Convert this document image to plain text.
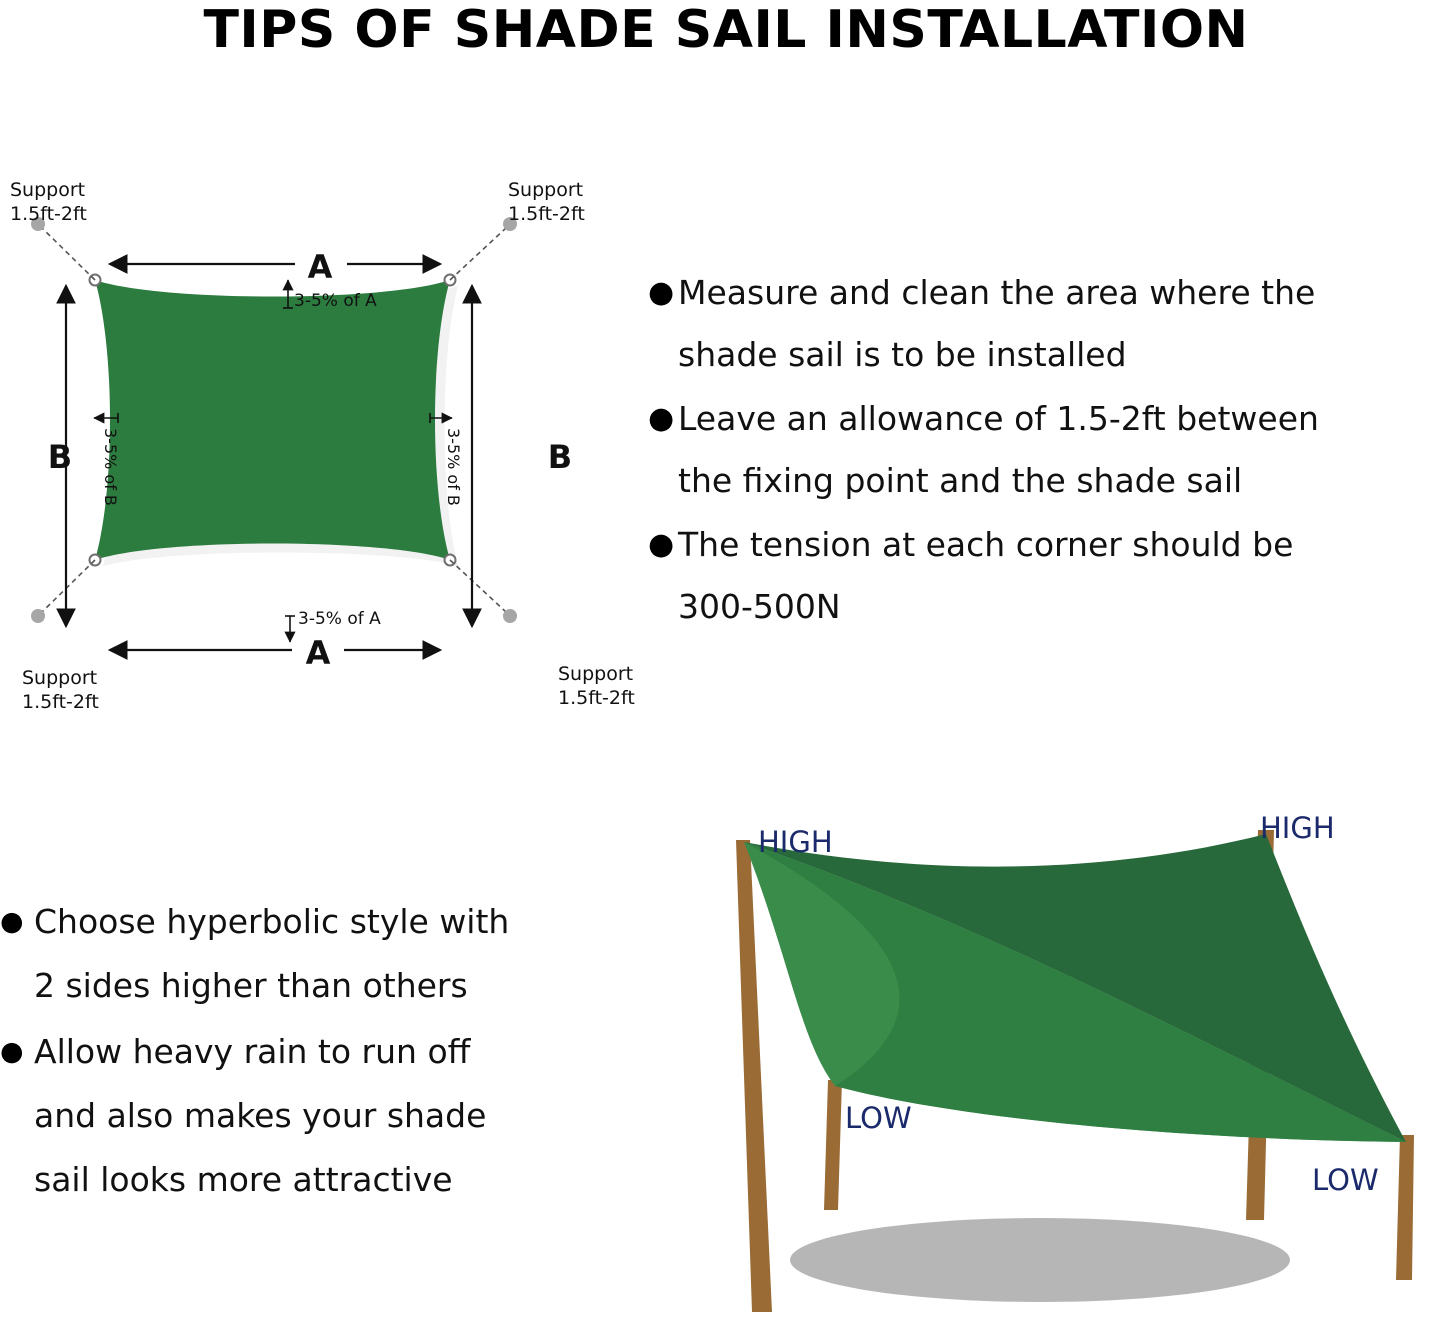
TIPS OF SHADE SAIL INSTALLATION
Support
1.5ft-2ft
Support
1.5ft-2ft
Support
1.5ft-2ft
Support
1.5ft-2ft
A
A
B	B
3-5% of A
3-5% of A
3-5% of B	3-5% of B
● Measure and clean the area where the
shade sail is to be installed
● Leave an allowance of 1.5-2ft between
the fixing point and the shade sail
● The tension at each corner should be
300-500N
● Choose hyperbolic style with
2 sides higher than others
● Allow heavy rain to run off
and also makes your shade
sail looks more attractive
HIGH	HIGH
LOW
LOW
